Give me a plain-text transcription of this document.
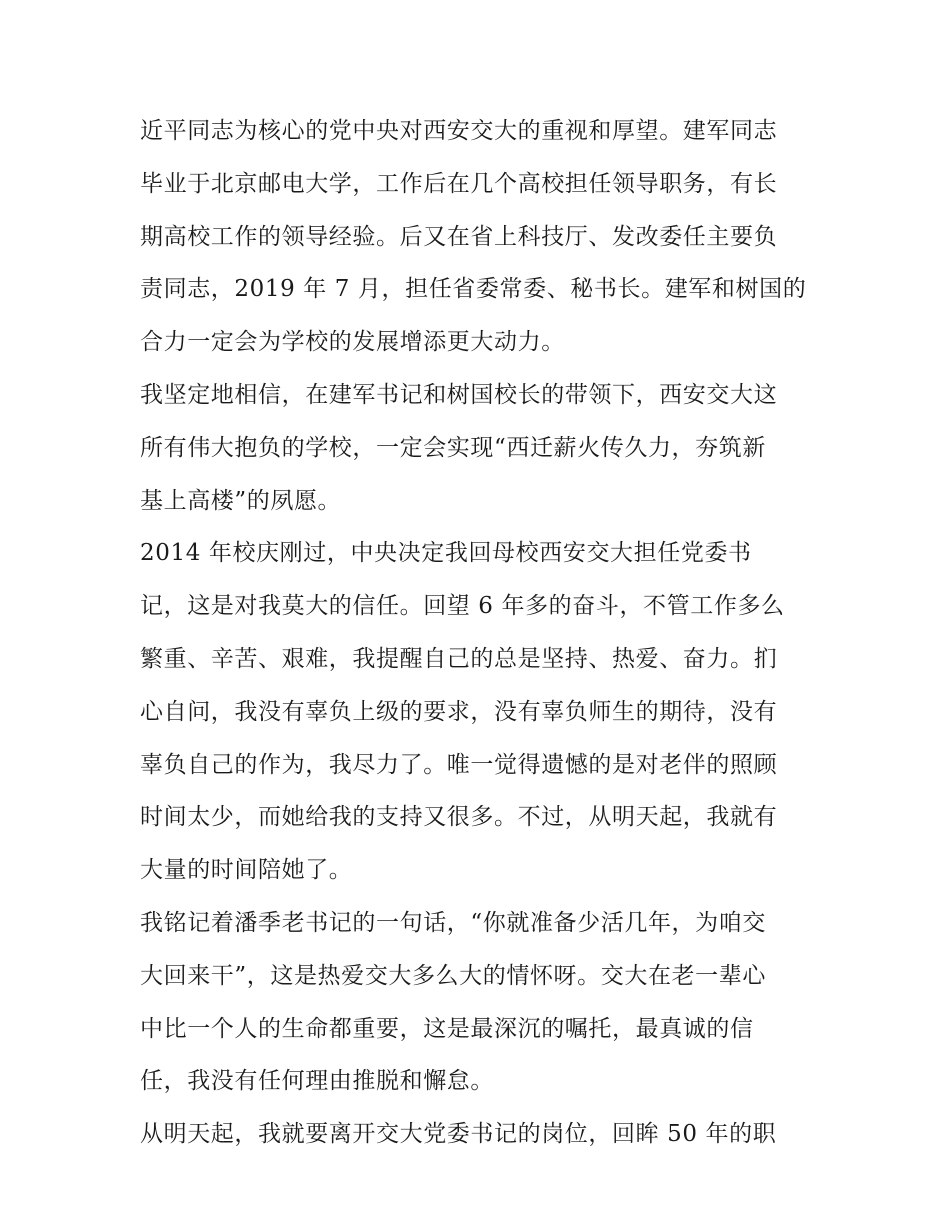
近平同志为核心的党中央对西安交大的重视和厚望。建军同志
毕业于北京邮电大学，工作后在几个高校担任领导职务，有长
期高校工作的领导经验。后又在省上科技厅、发改委任主要负
责同志，2019 年 7 月，担任省委常委、秘书长。建军和树国的
合力一定会为学校的发展增添更大动力。
我坚定地相信，在建军书记和树国校长的带领下，西安交大这
所有伟大抱负的学校，一定会实现“西迁薪火传久力，夯筑新
基上高楼”的夙愿。
2014 年校庆刚过，中央决定我回母校西安交大担任党委书
记，这是对我莫大的信任。回望 6 年多的奋斗，不管工作多么
繁重、辛苦、艰难，我提醒自己的总是坚持、热爱、奋力。扪
心自问，我没有辜负上级的要求，没有辜负师生的期待，没有
辜负自己的作为，我尽力了。唯一觉得遗憾的是对老伴的照顾
时间太少，而她给我的支持又很多。不过，从明天起，我就有
大量的时间陪她了。
我铭记着潘季老书记的一句话，“你就准备少活几年，为咱交
大回来干”，这是热爱交大多么大的情怀呀。交大在老一辈心
中比一个人的生命都重要，这是最深沉的嘱托，最真诚的信
任，我没有任何理由推脱和懈怠。
从明天起，我就要离开交大党委书记的岗位，回眸 50 年的职
